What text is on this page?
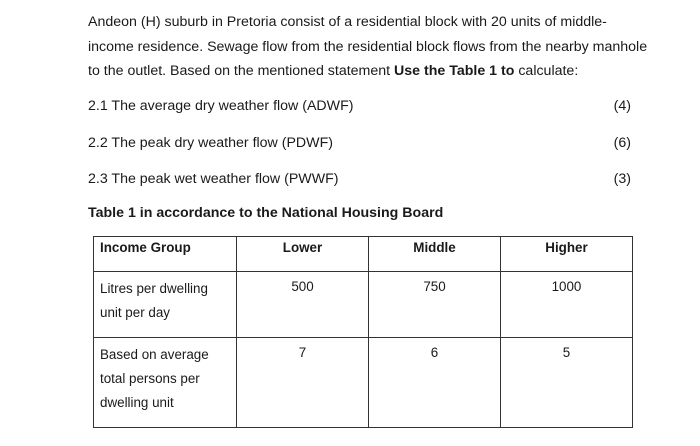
Andeon (H) suburb in Pretoria consist of a residential block with 20 units of middle-income residence. Sewage flow from the residential block flows from the nearby manhole to the outlet. Based on the mentioned statement Use the Table 1 to calculate:
2.1 The average dry weather flow (ADWF)	(4)
2.2 The peak dry weather flow (PDWF)	(6)
2.3 The peak wet weather flow (PWWF)	(3)
Table 1 in accordance to the National Housing Board
Income Group	Lower	Middle	Higher
Litres per dwelling unit per day	500	750	1000
Based on average total persons per dwelling unit	7	6	5
